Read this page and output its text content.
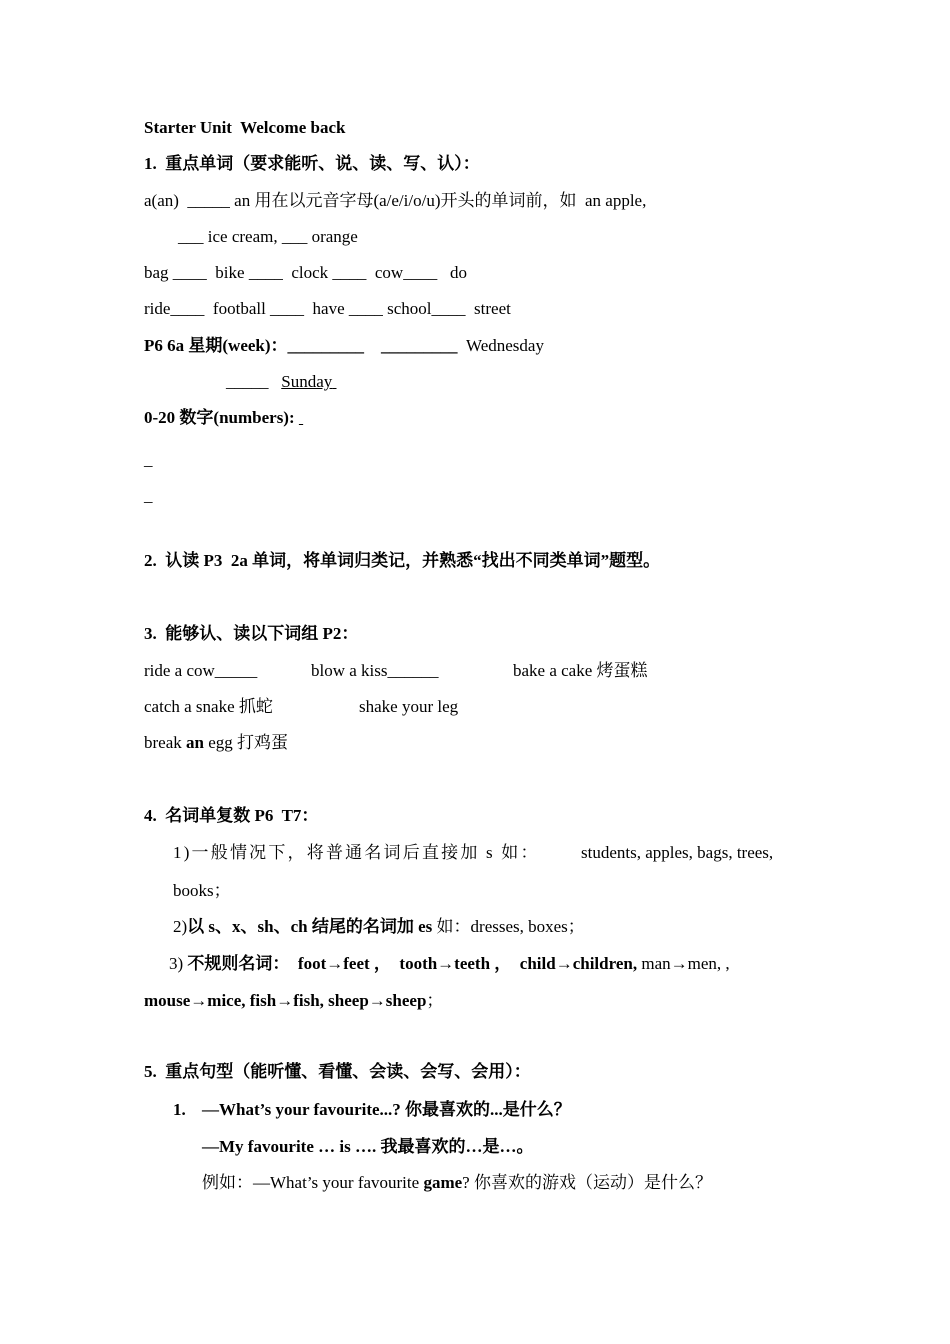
Starter Unit  Welcome back
1.  重点单词（要求能听、说、读、写、认）：
a(an)  _____ an 用在以元音字母(a/e/i/o/u)开头的单词前，如  an apple,
___ ice cream, ___ orange
bag ____  bike ____  clock ____  cow____   do
ride____  football ____  have ____ school____  street
P6 6a 星期(week)：_________    _________  Wednesday
_____ Sunday
0-20 数字(numbers):
_
_
2.  认读 P3  2a 单词，将单词归类记，并熟悉“找出不同类单词”题型。
3.  能够认、读以下词组 P2：
ride a cow_____	blow a kiss______	bake a cake 烤蛋糕
catch a snake 抓蛇	shake your leg
break an egg 打鸡蛋
4.  名词单复数 P6  T7：
1)一般情况下，将普通名词后直接加 s 如： students, apples, bags, trees,
books；
2)以 s、x、sh、ch 结尾的名词加 es 如：dresses, boxes；
3) 不规则名词：  foot→feet ，  tooth→teeth ，  child→children, man→men, ,
mouse→mice, fish→fish, sheep→sheep；
5.  重点句型（能听懂、看懂、会读、会写、会用）：
1. —What’s your favourite...? 你最喜欢的...是什么？
—My favourite … is …. 我最喜欢的…是…。
例如：—What’s your favourite game? 你喜欢的游戏（运动）是什么？
